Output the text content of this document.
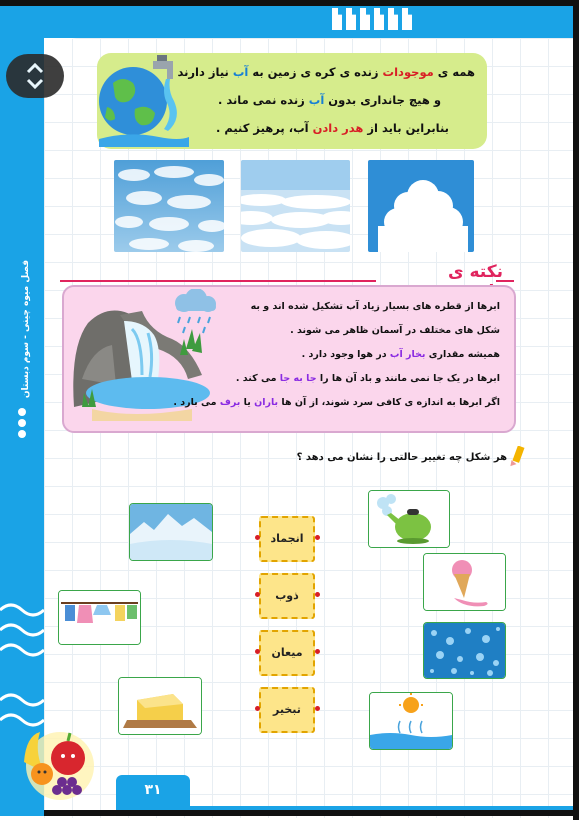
فصل میوه چینی - سوم دبستان
همه ی موجودات زنده ی کره ی زمین به آب نیاز دارند
و هیچ جانداری بدون آب زنده نمی ماند .
بنابراین باید از هدر دادن آب، پرهیز کنیم .
نکته ی
ابرها از قطره های بسیار زیاد آب تشکیل شده اند و به
شکل های مختلف در آسمان ظاهر می شوند .
همیشه مقداری بخار آب در هوا وجود دارد .
ابرها در یک جا نمی مانند و باد آن ها را جا به جا می کند .
اگر ابرها به اندازه ی کافی سرد شوند، از آن ها باران یا برف می بارد .
هر شکل چه تغییر حالتی را نشان می دهد ؟
انجماد
ذوب
میعان
تبخیر
۳۱
